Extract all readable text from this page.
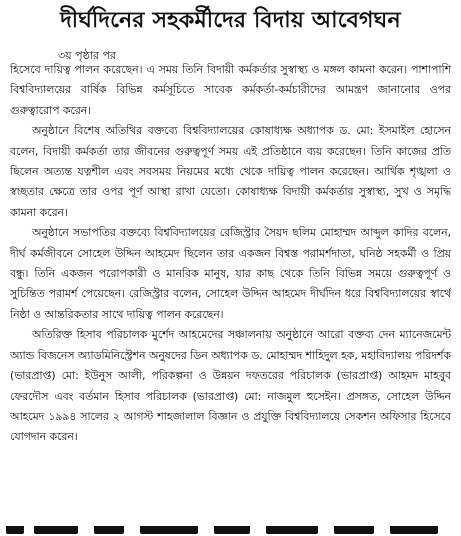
দীর্ঘদিনের সহকর্মীদের বিদায় আবেগঘন
৩য় পৃষ্ঠার পর

হিসেবে দায়িত্ব পালন করেছেন। এ সময় তিনি বিদায়ী কর্মকর্তার সুস্বাস্থ্য ও মঙ্গল কামনা করেন। পাশাপাশি বিশ্ববিদ্যালয়ের বার্ষিক বিভিন্ন কর্মসূচিতে সাবেক কর্মকর্তা-কর্মচারীদের আমন্ত্রণ জানানোর ওপর গুরুত্বারোপ করেন।

অনুষ্ঠানে বিশেষ অতিথির বক্তব্যে বিশ্ববিদ্যালয়ের কোষাধ্যক্ষ অধ্যাপক ড. মো: ইসমাইল হোসেন বলেন, বিদায়ী কর্মকর্তা তার জীবনের গুরুত্বপূর্ণ সময় এই প্রতিষ্ঠানে ব্যয় করেছেন। তিনি কাজের প্রতি ছিলেন অত্যন্ত যত্নশীল এবং সবসময় নিয়মের মধ্যে থেকে দায়িত্ব পালন করেছেন। আর্থিক শৃঙ্খলা ও স্বচ্ছতার ক্ষেত্রে তার ওপর পূর্ণ আস্থা রাখা যেতো। কোষাধ্যক্ষ বিদায়ী কর্মকর্তার সুস্বাস্থ্য, সুখ ও সমৃদ্ধি কামনা করেন।

অনুষ্ঠানে সভাপতির বক্তব্যে বিশ্ববিদ্যালয়ের রেজিস্ট্রার সৈয়দ ছলিম মোহাম্মদ আব্দুল কাদির বলেন, দীর্ঘ কর্মজীবনে সোহেল উদ্দিন আহমেদ ছিলেন তার একজন বিশ্বস্ত পরামর্শদাতা, ঘনিষ্ঠ সহকর্মী ও প্রিয় বন্ধু। তিনি একজন পরোপকারী ও মানবিক মানুষ, যার কাছ থেকে তিনি বিভিন্ন সময়ে গুরুত্বপূর্ণ ও সুচিন্তিত পরামর্শ পেয়েছেন। রেজিস্ট্রার বলেন, সোহেল উদ্দিন আহমেদ দীর্ঘদিন ধরে বিশ্ববিদ্যালয়ের স্বার্থে নিষ্ঠা ও আন্তরিকতার সাথে দায়িত্ব পালন করেছেন।

অতিরিক্ত হিসাব পরিচালক মুর্শেদ আহমেদের সঞ্চালনায় অনুষ্ঠানে আরো বক্তব্য দেন ম্যানেজমেন্ট অ্যান্ড বিজনেস অ্যাডমিনিস্ট্রেশন অনুষদের ডিন অধ্যাপক ড. মোহাম্মদ শাহিদুল হক, মহাবিদ্যালয় পরিদর্শক (ভারপ্রাপ্ত) মো: ইউনুস আলী, পরিকল্পনা ও উন্নয়ন দফতরের পরিচালক (ভারপ্রাপ্ত) আহমদ মাহবুব ফেরদৌস এবং বর্তমান হিসাব পরিচালক (ভারপ্রাপ্ত) মো: নাজমুল হুসেইন। প্রসঙ্গত, সোহেল উদ্দিন আহমেদ ১৯৯৪ সালের ২ আগস্ট শাহজালাল বিজ্ঞান ও প্রযুক্তি বিশ্ববিদ্যালয়ে সেকশন অফিসার হিসেবে যোগদান করেন।
